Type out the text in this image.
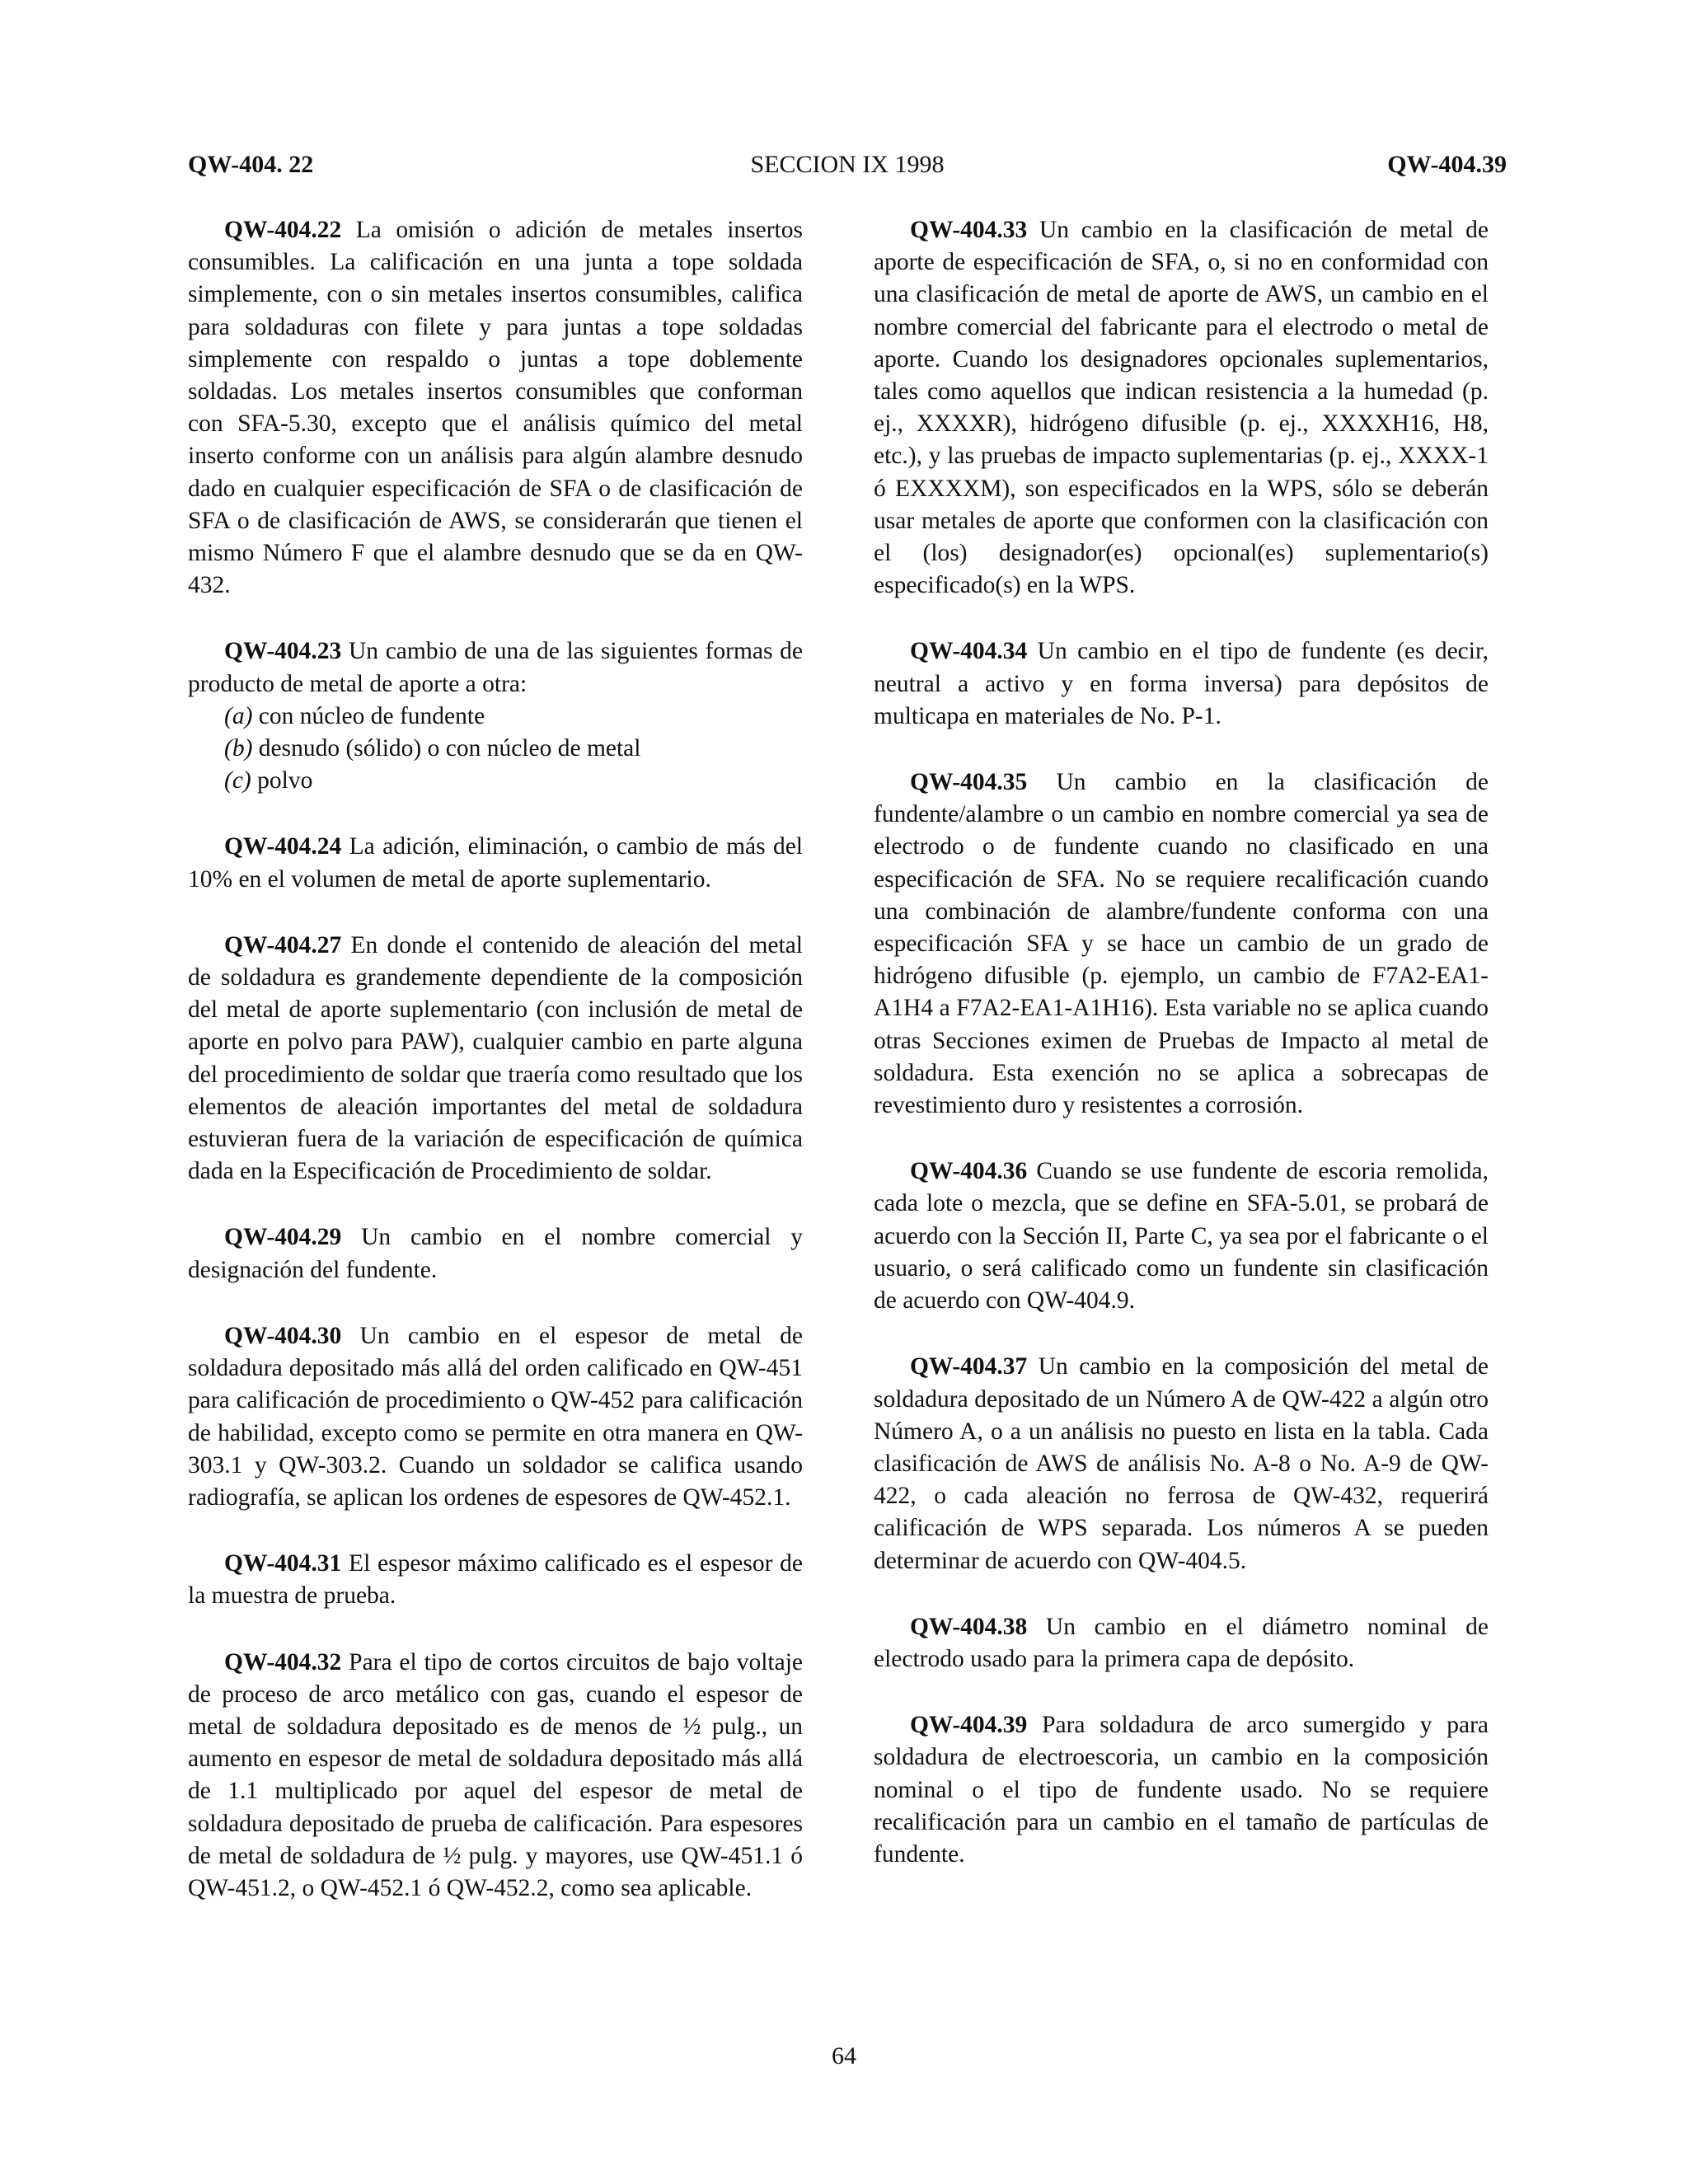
QW-404. 22	SECCION IX 1998	QW-404.39

QW-404.22 La omisión o adición de metales insertos consumibles. La calificación en una junta a tope soldada simplemente, con o sin metales insertos consumibles, califica para soldaduras con filete y para juntas a tope soldadas simplemente con respaldo o juntas a tope doblemente soldadas. Los metales insertos consumibles que conforman con SFA-5.30, excepto que el análisis químico del metal inserto conforme con un análisis para algún alambre desnudo dado en cualquier especificación de SFA o de clasificación de SFA o de clasificación de AWS, se considerarán que tienen el mismo Número F que el alambre desnudo que se da en QW-432.

QW-404.23 Un cambio de una de las siguientes formas de producto de metal de aporte a otra:

(a) con núcleo de fundente

(b) desnudo (sólido) o con núcleo de metal

(c) polvo

QW-404.24 La adición, eliminación, o cambio de más del 10% en el volumen de metal de aporte suplementario.

QW-404.27 En donde el contenido de aleación del metal de soldadura es grandemente dependiente de la composición del metal de aporte suplementario (con inclusión de metal de aporte en polvo para PAW), cualquier cambio en parte alguna del procedimiento de soldar que traería como resultado que los elementos de aleación importantes del metal de soldadura estuvieran fuera de la variación de especificación de química dada en la Especificación de Procedimiento de soldar.

QW-404.29 Un cambio en el nombre comercial y designación del fundente.

QW-404.30 Un cambio en el espesor de metal de soldadura depositado más allá del orden calificado en QW-451 para calificación de procedimiento o QW-452 para calificación de habilidad, excepto como se permite en otra manera en QW-303.1 y QW-303.2. Cuando un soldador se califica usando radiografía, se aplican los ordenes de espesores de QW-452.1.

QW-404.31 El espesor máximo calificado es el espesor de la muestra de prueba.

QW-404.32 Para el tipo de cortos circuitos de bajo voltaje de proceso de arco metálico con gas, cuando el espesor de metal de soldadura depositado es de menos de ½ pulg., un aumento en espesor de metal de soldadura depositado más allá de 1.1 multiplicado por aquel del espesor de metal de soldadura depositado de prueba de calificación. Para espesores de metal de soldadura de ½ pulg. y mayores, use QW-451.1 ó QW-451.2, o QW-452.1 ó QW-452.2, como sea aplicable.

QW-404.33 Un cambio en la clasificación de metal de aporte de especificación de SFA, o, si no en conformidad con una clasificación de metal de aporte de AWS, un cambio en el nombre comercial del fabricante para el electrodo o metal de aporte. Cuando los designadores opcionales suplementarios, tales como aquellos que indican resistencia a la humedad (p. ej., XXXXR), hidrógeno difusible (p. ej., XXXXH16, H8, etc.), y las pruebas de impacto suplementarias (p. ej., XXXX-1 ó EXXXXM), son especificados en la WPS, sólo se deberán usar metales de aporte que conformen con la clasificación con el (los) designador(es) opcional(es) suplementario(s) especificado(s) en la WPS.

QW-404.34 Un cambio en el tipo de fundente (es decir, neutral a activo y en forma inversa) para depósitos de multicapa en materiales de No. P-1.

QW-404.35 Un cambio en la clasificación de fundente/alambre o un cambio en nombre comercial ya sea de electrodo o de fundente cuando no clasificado en una especificación de SFA. No se requiere recalificación cuando una combinación de alambre/fundente conforma con una especificación SFA y se hace un cambio de un grado de hidrógeno difusible (p. ejemplo, un cambio de F7A2-EA1-A1H4 a F7A2-EA1-A1H16). Esta variable no se aplica cuando otras Secciones eximen de Pruebas de Impacto al metal de soldadura. Esta exención no se aplica a sobrecapas de revestimiento duro y resistentes a corrosión.

QW-404.36 Cuando se use fundente de escoria remolida, cada lote o mezcla, que se define en SFA-5.01, se probará de acuerdo con la Sección II, Parte C, ya sea por el fabricante o el usuario, o será calificado como un fundente sin clasificación de acuerdo con QW-404.9.

QW-404.37 Un cambio en la composición del metal de soldadura depositado de un Número A de QW-422 a algún otro Número A, o a un análisis no puesto en lista en la tabla. Cada clasificación de AWS de análisis No. A-8 o No. A-9 de QW-422, o cada aleación no ferrosa de QW-432, requerirá calificación de WPS separada. Los números A se pueden determinar de acuerdo con QW-404.5.

QW-404.38 Un cambio en el diámetro nominal de electrodo usado para la primera capa de depósito.

QW-404.39 Para soldadura de arco sumergido y para soldadura de electroescoria, un cambio en la composición nominal o el tipo de fundente usado. No se requiere recalificación para un cambio en el tamaño de partículas de fundente.

64
